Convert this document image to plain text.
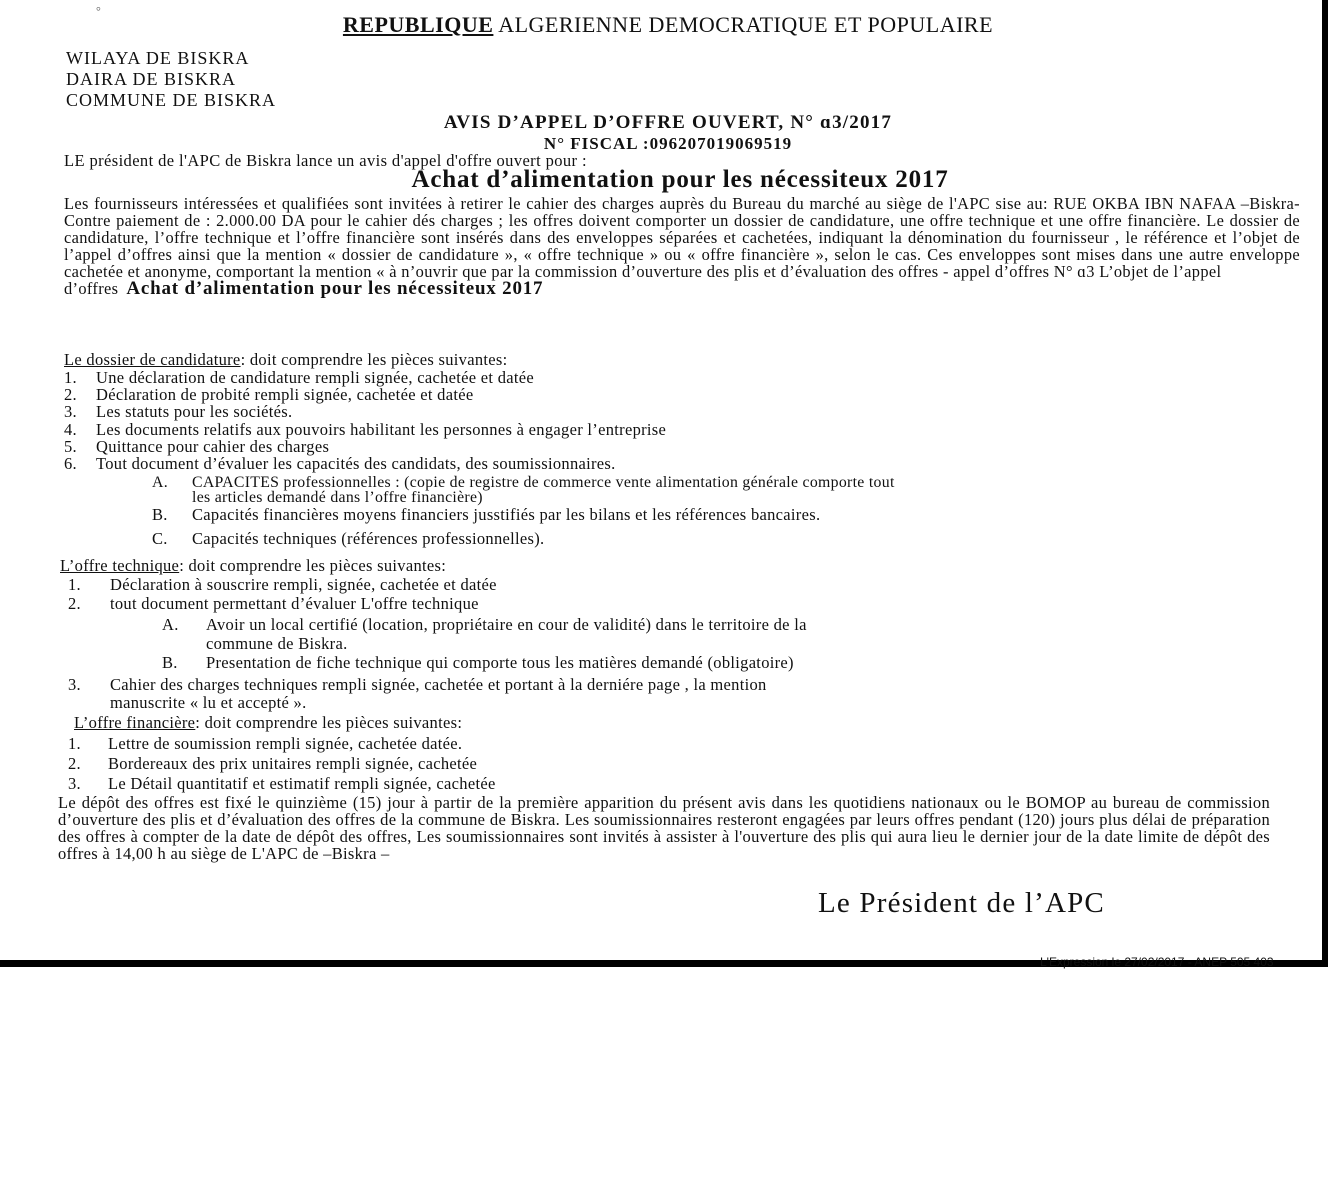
°
REPUBLIQUE ALGERIENNE DEMOCRATIQUE ET POPULAIRE
WILAYA DE BISKRA
DAIRA DE BISKRA
COMMUNE DE BISKRA
AVIS D’APPEL D’OFFRE OUVERT, N° ɑ3/2017
N° FISCAL :09620701906951​9
LE président de l'APC de Biskra lance un avis d'appel d'offre ouvert pour :
Achat d’alimentation pour les nécessiteux 2017
Les fournisseurs intéressées et qualifiées sont invitées à retirer le cahier des charges auprès du Bureau du marché au siège de l'APC sise au: RUE OKBA IBN NAFAA –Biskra-Contre paiement de : 2.000.00 DA pour le cahier dés charges ; les offres doivent comporter un dossier de candidature, une offre technique et une offre financière. Le dossier de candidature, l’offre technique et l’offre financière sont insérés dans des enveloppes séparées et cachetées, indiquant la dénomination du fournisseur , le référence et l’objet de l’appel d’offres ainsi que la mention « dossier de candidature », « offre technique » ou « offre financière », selon le cas. Ces enveloppes sont mises dans une autre enveloppe cachetée et anonyme, comportant la mention « à n’ouvrir que par la commission d’ouverture des plis et d’évaluation des offres - appel d’offres N° ɑ3 L’objet de l’appel
d’offres Achat d’alimentation pour les nécessiteux 2017
Le dossier de candidature: doit comprendre les pièces suivantes:
1. Une déclaration de candidature rempli signée, cachetée et datée
2. Déclaration de probité rempli signée, cachetée et datée
3. Les statuts pour les sociétés.
4. Les documents relatifs aux pouvoirs habilitant les personnes à engager l’entreprise
5. Quittance pour cahier des charges
6. Tout document d’évaluer les capacités des candidats, des soumissionnaires.
A. CAPACITES professionnelles : (copie de registre de commerce vente alimentation générale comporte tout
les articles demandé dans l’offre financière)
B. Capacités financières moyens financiers jusstifiés par les bilans et les références bancaires.
C. Capacités techniques (références professionnelles).
L’offre technique: doit comprendre les pièces suivantes:
1. Déclaration à souscrire rempli, signée, cachetée et datée
2. tout document permettant d’évaluer L'offre technique
A. Avoir un local certifié (location, propriétaire en cour de validité) dans le territoire de la
commune de Biskra.
B. Presentation de fiche technique qui comporte tous les matières demandé (obligatoire)
3. Cahier des charges techniques rempli signée, cachetée et portant à la derniére page , la mention
manuscrite « lu et accepté ».
L’offre financière: doit comprendre les pièces suivantes:
1. Lettre de soumission rempli signée, cachetée datée.
2. Bordereaux des prix unitaires rempli signée, cachetée
3. Le Détail quantitatif et estimatif rempli signée, cachetée
Le dépôt des offres est fixé le quinzième (15) jour à partir de la première apparition du présent avis dans les quotidiens nationaux ou le BOMOP au bureau de commission d’ouverture des plis et d’évaluation des offres de la commune de Biskra. Les soumissionnaires resteront engagées par leurs offres pendant (120) jours plus délai de préparation des offres à compter de la date de dépôt des offres, Les soumissionnaires sont invités à assister à l'ouverture des plis qui aura lieu le dernier jour de la date limite de dépôt des offres à 14,00 h au siège de L'APC de –Biskra –
Le Président de l’APC
L'Expression le 27/02/2017 - ANEP 505 403
